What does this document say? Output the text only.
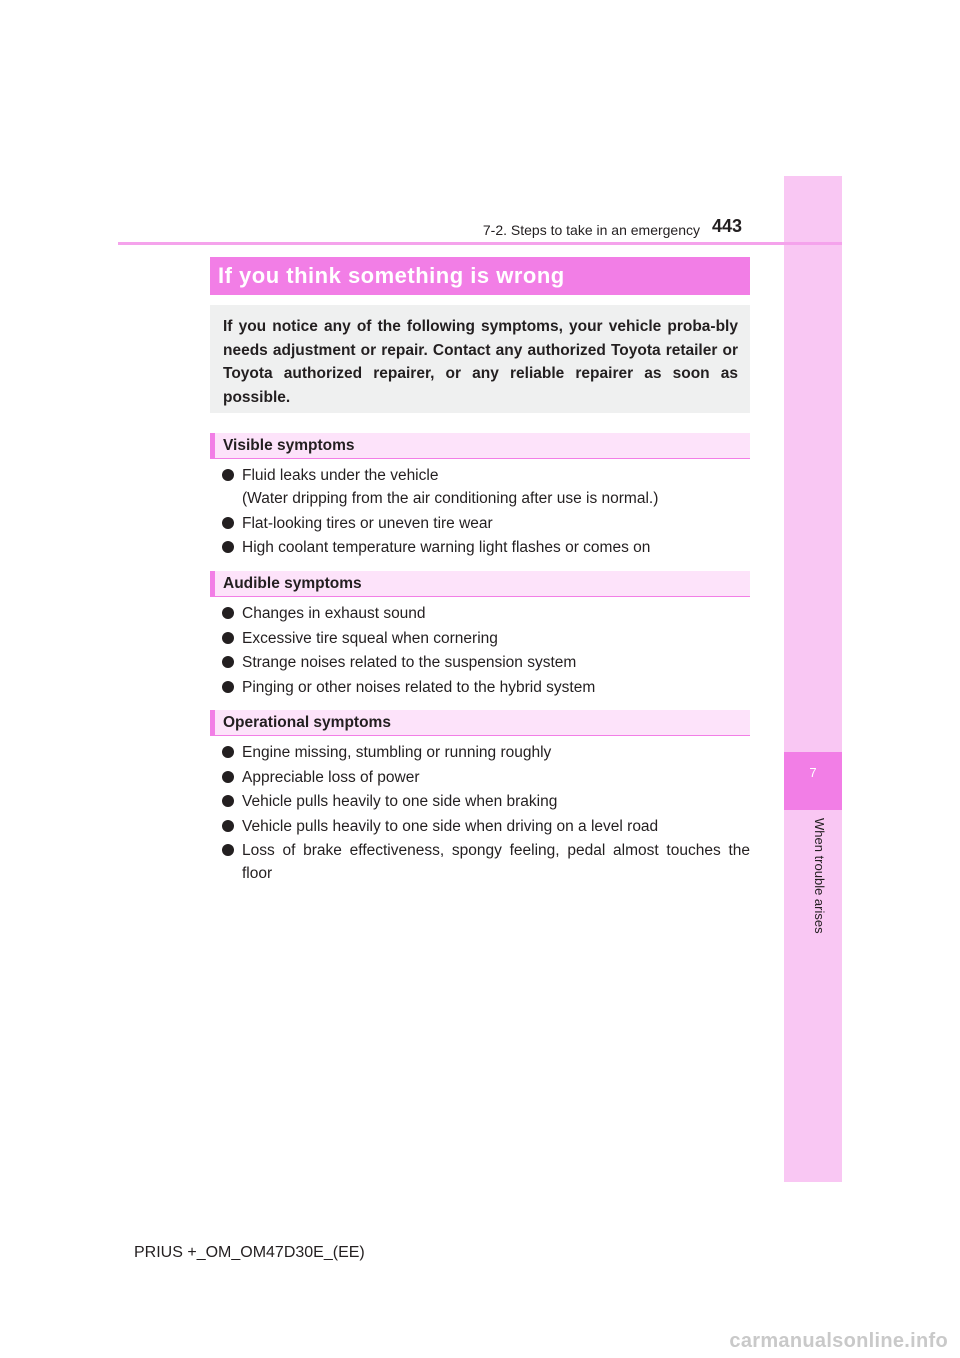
7
When trouble arises
7-2. Steps to take in an emergency 443
If you think something is wrong
If you notice any of the following symptoms, your vehicle proba-bly needs adjustment or repair. Contact any authorized Toyota retailer or Toyota authorized repairer, or any reliable repairer as soon as possible.
Visible symptoms
Fluid leaks under the vehicle
(Water dripping from the air conditioning after use is normal.)
Flat-looking tires or uneven tire wear
High coolant temperature warning light flashes or comes on
Audible symptoms
Changes in exhaust sound
Excessive tire squeal when cornering
Strange noises related to the suspension system
Pinging or other noises related to the hybrid system
Operational symptoms
Engine missing, stumbling or running roughly
Appreciable loss of power
Vehicle pulls heavily to one side when braking
Vehicle pulls heavily to one side when driving on a level road
Loss of brake effectiveness, spongy feeling, pedal almost touches the floor
PRIUS +_OM_OM47D30E_(EE)
carmanualsonline.info
